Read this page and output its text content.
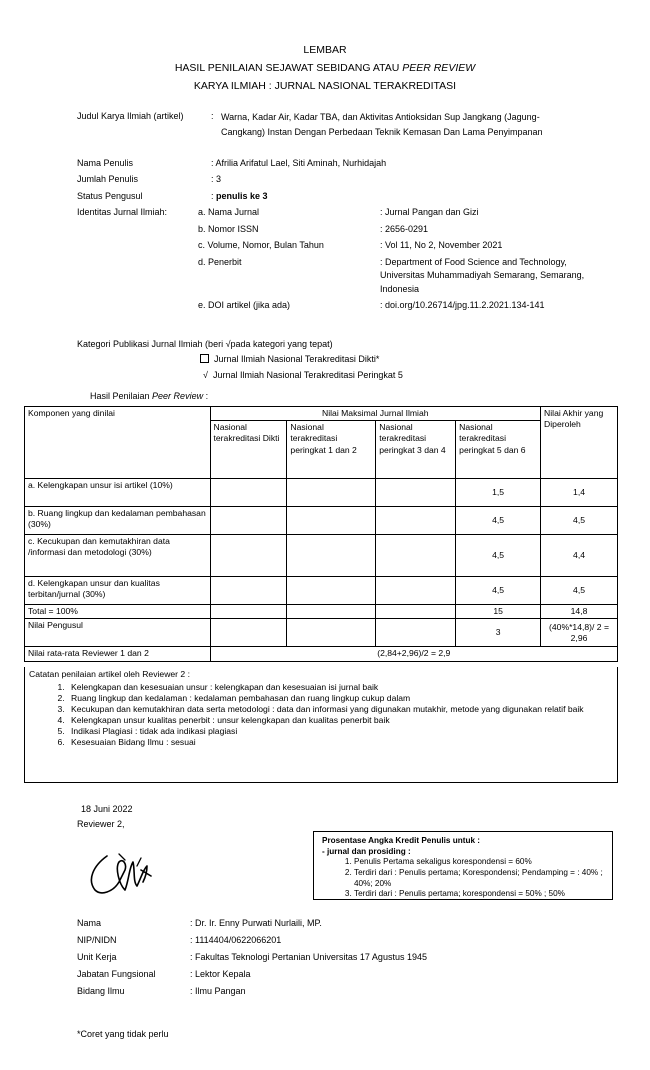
LEMBAR
HASIL PENILAIAN SEJAWAT SEBIDANG ATAU PEER REVIEW
KARYA ILMIAH : JURNAL NASIONAL TERAKREDITASI
Judul Karya Ilmiah (artikel)	: Warna, Kadar Air, Kadar TBA, dan Aktivitas Antioksidan Sup Jangkang (Jagung-Cangkang) Instan Dengan Perbedaan Teknik Kemasan Dan Lama Penyimpanan
Nama Penulis	: Afrilia Arifatul Lael, Siti Aminah, Nurhidajah
Jumlah Penulis	: 3
Status Pengusul	: penulis ke 3
Identitas Jurnal Ilmiah:	a. Nama Jurnal	: Jurnal Pangan dan Gizi
b. Nomor ISSN	: 2656-0291
c. Volume, Nomor, Bulan Tahun	: Vol 11, No 2, November 2021
d. Penerbit	: Department of Food Science and Technology, Universitas Muhammadiyah Semarang, Semarang, Indonesia
e. DOI artikel (jika ada)	: doi.org/10.26714/jpg.11.2.2021.134-141
Kategori Publikasi Jurnal Ilmiah (beri √pada kategori yang tepat)
Jurnal Ilmiah Nasional Terakreditasi Dikti*
√ Jurnal Ilmiah Nasional Terakreditasi Peringkat 5
Hasil Penilaian Peer Review :
Komponen yang dinilai	Nilai Maksimal Jurnal Ilmiah				Nilai Akhir yang Diperoleh
	Nasional terakreditasi Dikti	Nasional terakreditasi peringkat 1 dan 2	Nasional terakreditasi peringkat 3 dan 4	Nasional terakreditasi peringkat 5 dan 6	
a. Kelengkapan unsur isi artikel (10%)				1,5	1,4
b. Ruang lingkup dan kedalaman pembahasan (30%)				4,5	4,5
c. Kecukupan dan kemutakhiran data /informasi dan metodologi (30%)				4,5	4,4
d. Kelengkapan unsur dan kualitas terbitan/jurnal (30%)				4,5	4,5
Total = 100%				15	14,8
Nilai Pengusul				3	(40%*14,8)/ 2 = 2,96
Nilai rata-rata Reviewer 1 dan 2	(2,84+2,96)/2 = 2,9				
Catatan penilaian artikel oleh Reviewer 2 :
1. Kelengkapan dan kesesuaian unsur : kelengkapan dan kesesuaian isi jurnal baik
2. Ruang lingkup dan kedalaman : kedalaman pembahasan dan ruang lingkup cukup dalam
3. Kecukupan dan kemutakhiran data serta metodologi : data dan informasi yang digunakan mutakhir, metode yang digunakan relatif baik
4. Kelengkapan unsur kualitas penerbit : unsur kelengkapan dan kualitas penerbit baik
5. Indikasi Plagiasi : tidak ada indikasi plagiasi
6. Kesesuaian Bidang Ilmu : sesuai
18 Juni 2022
Reviewer 2,
Prosentase Angka Kredit Penulis untuk :
- jurnal dan prosiding :
1. Penulis Pertama sekaligus korespondensi = 60%
2. Terdiri dari : Penulis pertama; Korespondensi; Pendamping = : 40% ; 40%; 20%
3. Terdiri dari : Penulis pertama; korespondensi = 50% ; 50%
Nama	: Dr. Ir. Enny Purwati Nurlaili, MP.
NIP/NIDN	: 1114404/0622066201
Unit Kerja	: Fakultas Teknologi Pertanian Universitas 17 Agustus 1945
Jabatan Fungsional	: Lektor Kepala
Bidang Ilmu	: Ilmu Pangan
*Coret yang tidak perlu
